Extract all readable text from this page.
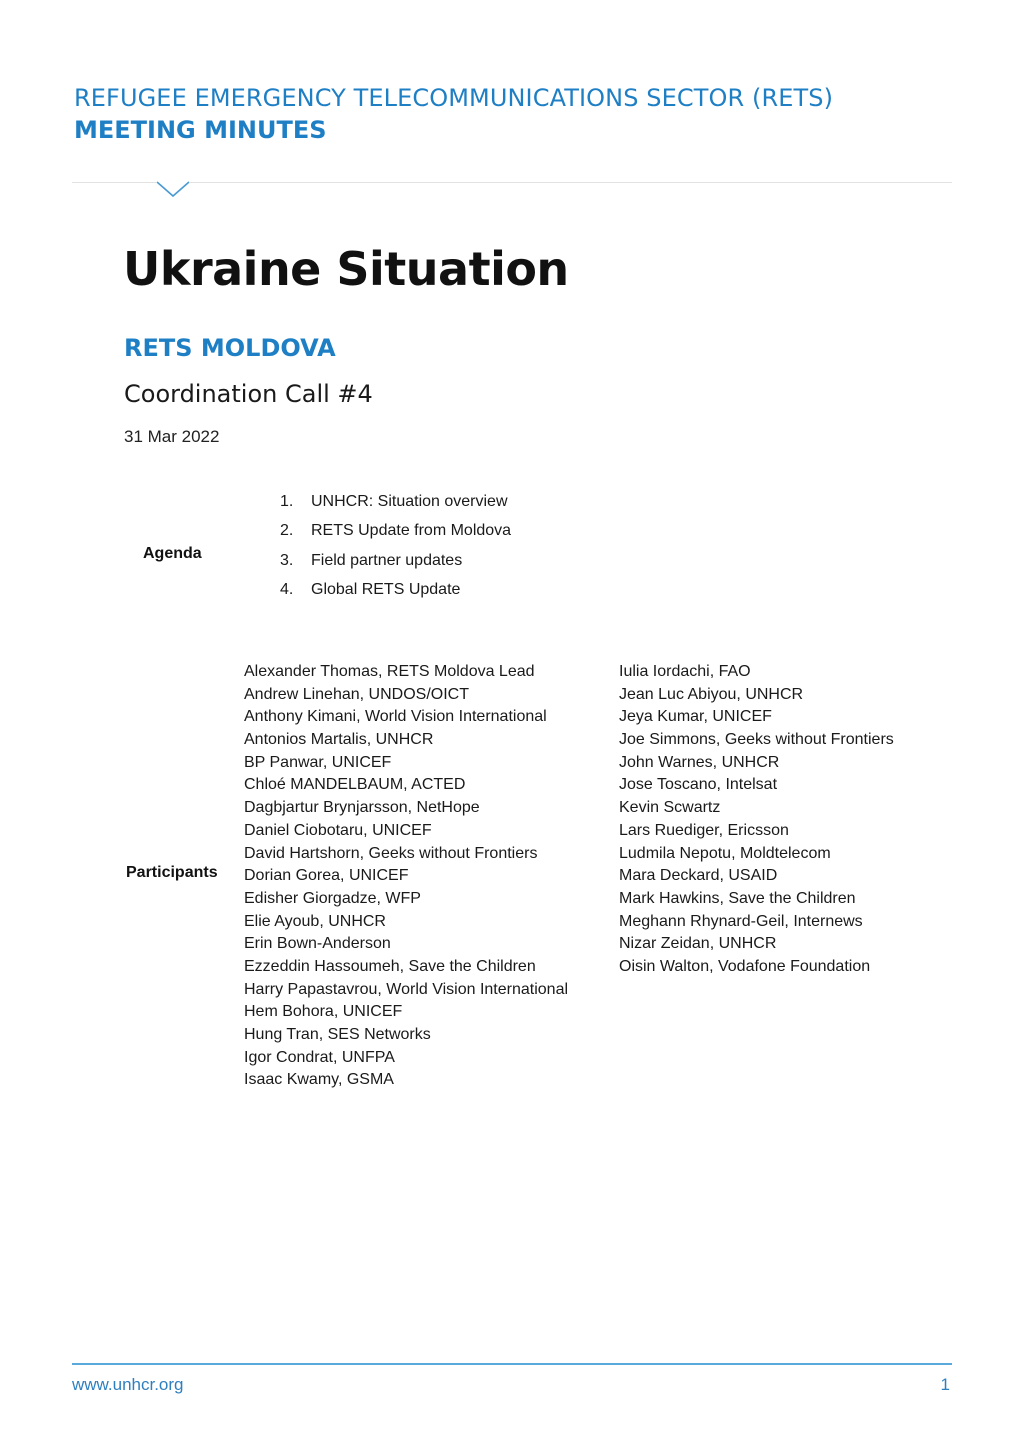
REFUGEE EMERGENCY TELECOMMUNICATIONS SECTOR (RETS)
MEETING MINUTES
Ukraine Situation
RETS MOLDOVA
Coordination Call #4
31 Mar 2022
Agenda
1. UNHCR: Situation overview
2. RETS Update from Moldova
3. Field partner updates
4. Global RETS Update
Participants
Alexander Thomas, RETS Moldova Lead
Andrew Linehan, UNDOS/OICT
Anthony Kimani, World Vision International
Antonios Martalis, UNHCR
BP Panwar, UNICEF
Chloé MANDELBAUM, ACTED
Dagbjartur Brynjarsson, NetHope
Daniel Ciobotaru, UNICEF
David Hartshorn, Geeks without Frontiers
Dorian Gorea, UNICEF
Edisher Giorgadze, WFP
Elie Ayoub, UNHCR
Erin Bown-Anderson
Ezzeddin Hassoumeh, Save the Children
Harry Papastavrou, World Vision International
Hem Bohora, UNICEF
Hung Tran, SES Networks
Igor Condrat, UNFPA
Isaac Kwamy, GSMA
Iulia Iordachi, FAO
Jean Luc Abiyou, UNHCR
Jeya Kumar, UNICEF
Joe Simmons, Geeks without Frontiers
John Warnes, UNHCR
Jose Toscano, Intelsat
Kevin Scwartz
Lars Ruediger, Ericsson
Ludmila Nepotu, Moldtelecom
Mara Deckard, USAID
Mark Hawkins, Save the Children
Meghann Rhynard-Geil, Internews
Nizar Zeidan, UNHCR
Oisin Walton, Vodafone Foundation
www.unhcr.org	1
